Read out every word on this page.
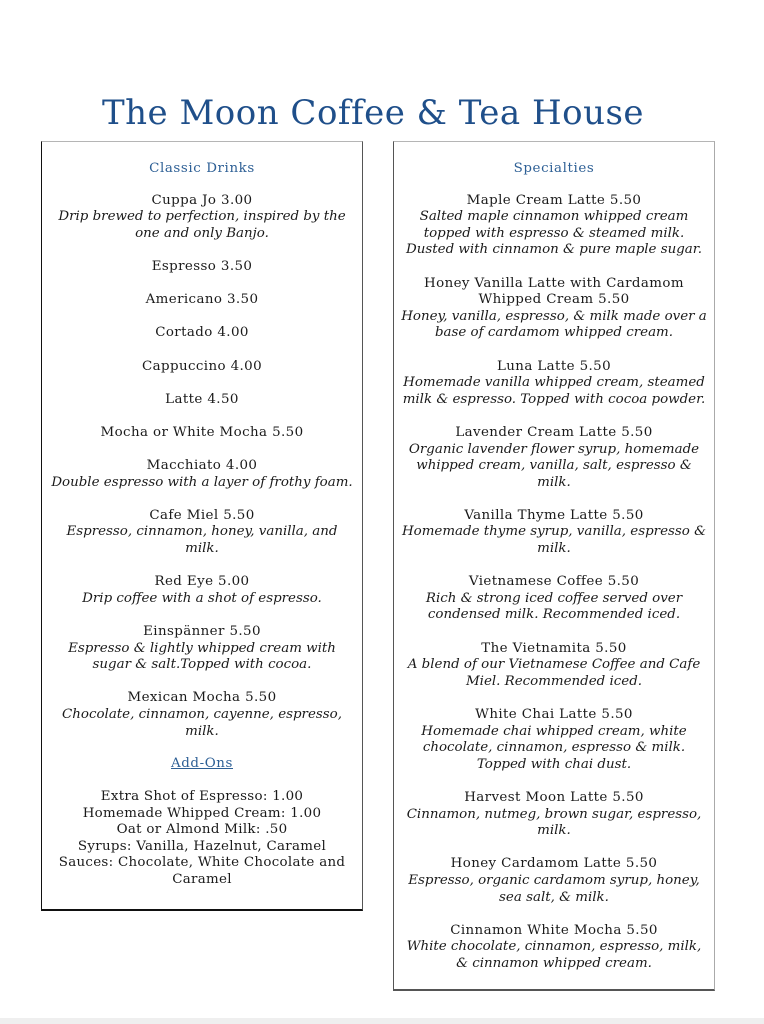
The Moon Coffee & Tea House
Classic Drinks
Cuppa Jo 3.00
Drip brewed to perfection, inspired by the one and only Banjo.
Espresso 3.50
Americano 3.50
Cortado 4.00
Cappuccino 4.00
Latte 4.50
Mocha or White Mocha 5.50
Macchiato 4.00
Double espresso with a layer of frothy foam.
Cafe Miel 5.50
Espresso, cinnamon, honey, vanilla, and milk.
Red Eye 5.00
Drip coffee with a shot of espresso.
Einspänner 5.50
Espresso & lightly whipped cream with sugar & salt.Topped with cocoa.
Mexican Mocha 5.50
Chocolate, cinnamon, cayenne, espresso, milk.
Add-Ons
Extra Shot of Espresso: 1.00
Homemade Whipped Cream: 1.00
Oat or Almond Milk: .50
Syrups: Vanilla, Hazelnut, Caramel
Sauces: Chocolate, White Chocolate and Caramel
Specialties
Maple Cream Latte 5.50
Salted maple cinnamon whipped cream topped with espresso & steamed milk. Dusted with cinnamon & pure maple sugar.
Honey Vanilla Latte with Cardamom Whipped Cream 5.50
Honey, vanilla, espresso, & milk made over a base of cardamom whipped cream.
Luna Latte 5.50
Homemade vanilla whipped cream, steamed milk & espresso. Topped with cocoa powder.
Lavender Cream Latte 5.50
Organic lavender flower syrup, homemade whipped cream, vanilla, salt, espresso & milk.
Vanilla Thyme Latte 5.50
Homemade thyme syrup, vanilla, espresso & milk.
Vietnamese Coffee 5.50
Rich & strong iced coffee served over condensed milk. Recommended iced.
The Vietnamita 5.50
A blend of our Vietnamese Coffee and Cafe Miel. Recommended iced.
White Chai Latte 5.50
Homemade chai whipped cream, white chocolate, cinnamon, espresso & milk. Topped with chai dust.
Harvest Moon Latte 5.50
Cinnamon, nutmeg, brown sugar, espresso, milk.
Honey Cardamom Latte 5.50
Espresso, organic cardamom syrup, honey, sea salt, & milk.
Cinnamon White Mocha 5.50
White chocolate, cinnamon, espresso, milk, & cinnamon whipped cream.
